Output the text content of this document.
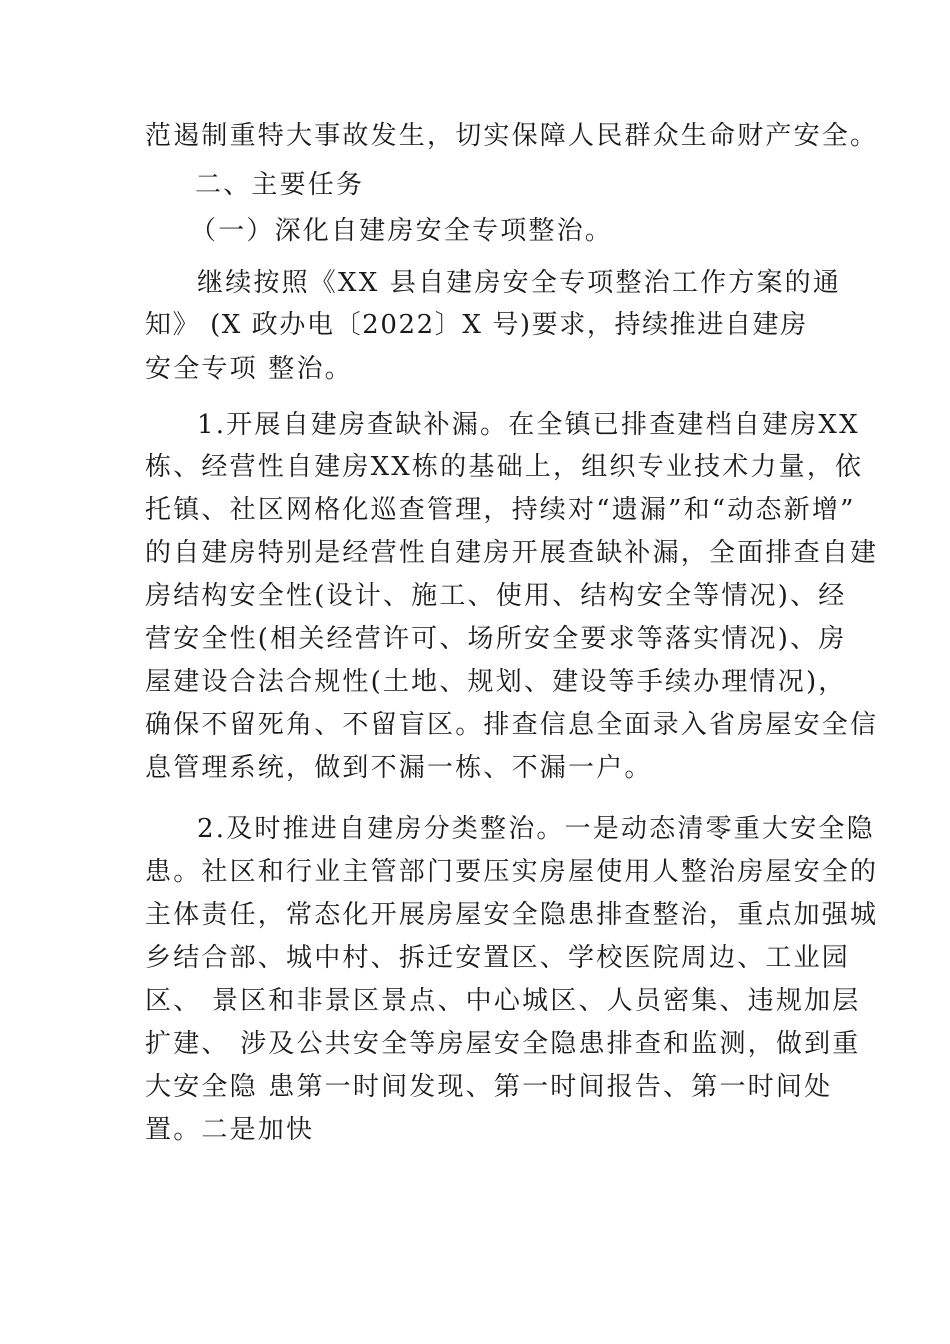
范遏制重特大事故发生，切实保障人民群众生命财产安全。
二、主要任务
（一）深化自建房安全专项整治。
继续按照《XX 县自建房安全专项整治工作方案的通
知》 (X 政办电〔2022〕X 号)要求，持续推进自建房
安全专项 整治。
1.开展自建房查缺补漏。在全镇已排查建档自建房XX
栋、经营性自建房XX栋的基础上，组织专业技术力量，依
托镇、社区网格化巡查管理，持续对“遗漏”和“动态新增”
的自建房特别是经营性自建房开展查缺补漏，全面排查自建
房结构安全性(设计、施工、使用、结构安全等情况)、经
营安全性(相关经营许可、场所安全要求等落实情况)、房
屋建设合法合规性(土地、规划、建设等手续办理情况)，
确保不留死角、不留盲区。排查信息全面录入省房屋安全信
息管理系统，做到不漏一栋、不漏一户。
2.及时推进自建房分类整治。一是动态清零重大安全隐
患。社区和行业主管部门要压实房屋使用人整治房屋安全的
主体责任，常态化开展房屋安全隐患排查整治，重点加强城
乡结合部、城中村、拆迁安置区、学校医院周边、工业园
区、 景区和非景区景点、中心城区、人员密集、违规加层
扩建、 涉及公共安全等房屋安全隐患排查和监测，做到重
大安全隐 患第一时间发现、第一时间报告、第一时间处
置。二是加快
